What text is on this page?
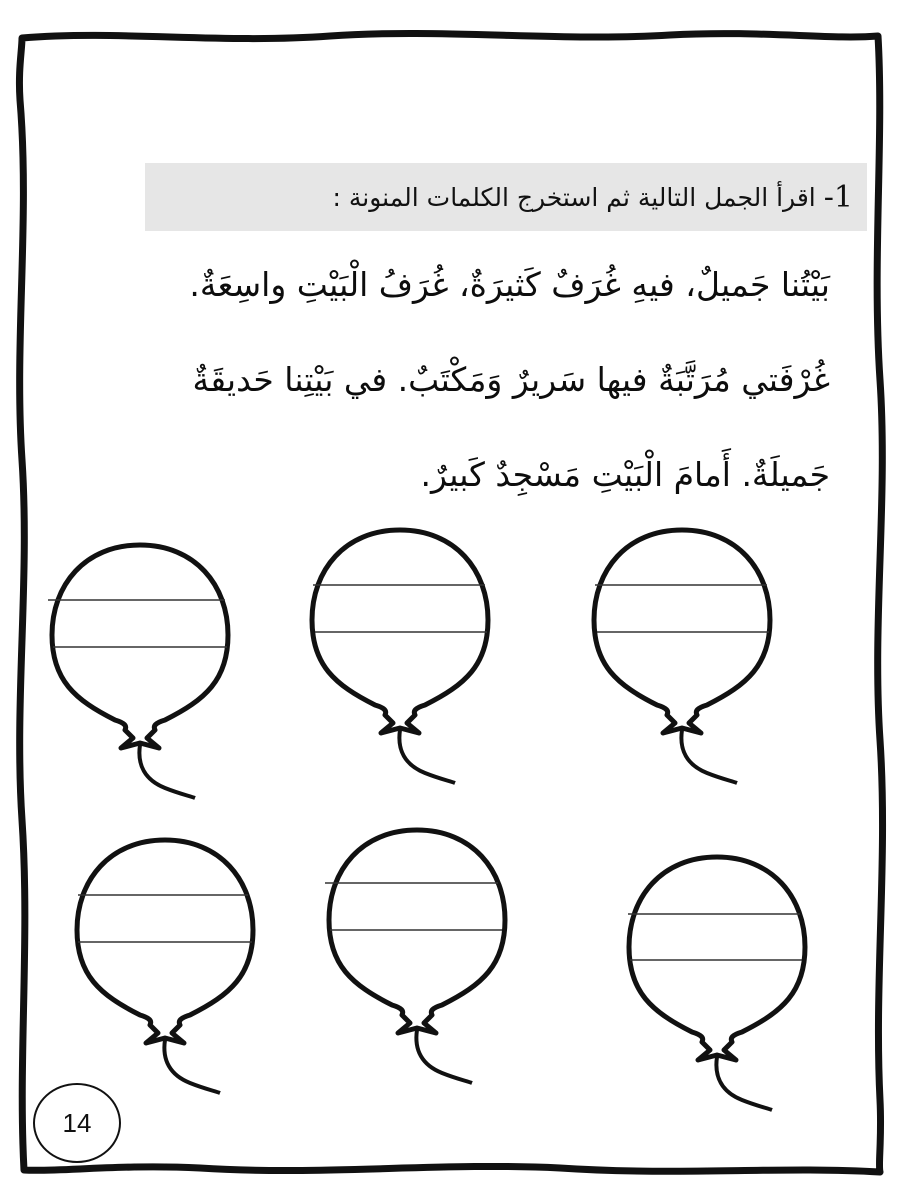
1-
اقرأ الجمل التالية ثم استخرج الكلمات المنونة :
بَيْتُنا جَميلٌ، فيهِ غُرَفٌ كَثيرَةٌ، غُرَفُ الْبَيْتِ واسِعَةٌ.
غُرْفَتي مُرَتَّبَةٌ فيها سَريرٌ وَمَكْتَبٌ. في بَيْتِنا حَديقَةٌ
جَميلَةٌ. أَمامَ الْبَيْتِ مَسْجِدٌ كَبيرٌ.
14
